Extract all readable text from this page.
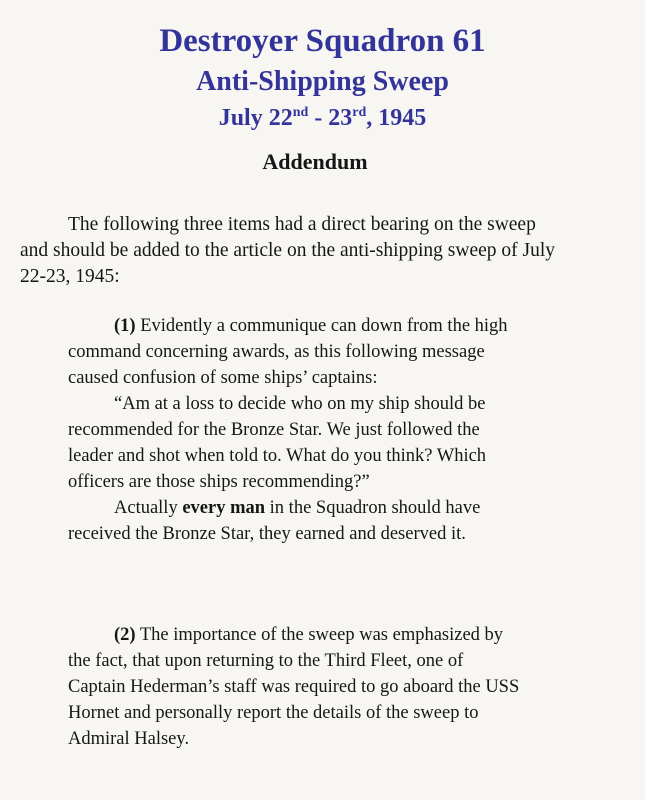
Destroyer Squadron 61
Anti-Shipping Sweep
July 22nd - 23rd, 1945
Addendum
The following three items had a direct bearing on the sweep
and should be added to the article on the anti-shipping sweep of July
22-23, 1945:
(1) Evidently a communique can down from the high
command concerning awards, as this following message
caused confusion of some ships’ captains:
“Am at a loss to decide who on my ship should be
recommended for the Bronze Star. We just followed the
leader and shot when told to. What do you think? Which
officers are those ships recommending?”
Actually every man in the Squadron should have
received the Bronze Star, they earned and deserved it.
(2) The importance of the sweep was emphasized by
the fact, that upon returning to the Third Fleet, one of
Captain Hederman’s staff was required to go aboard the USS
Hornet and personally report the details of the sweep to
Admiral Halsey.
